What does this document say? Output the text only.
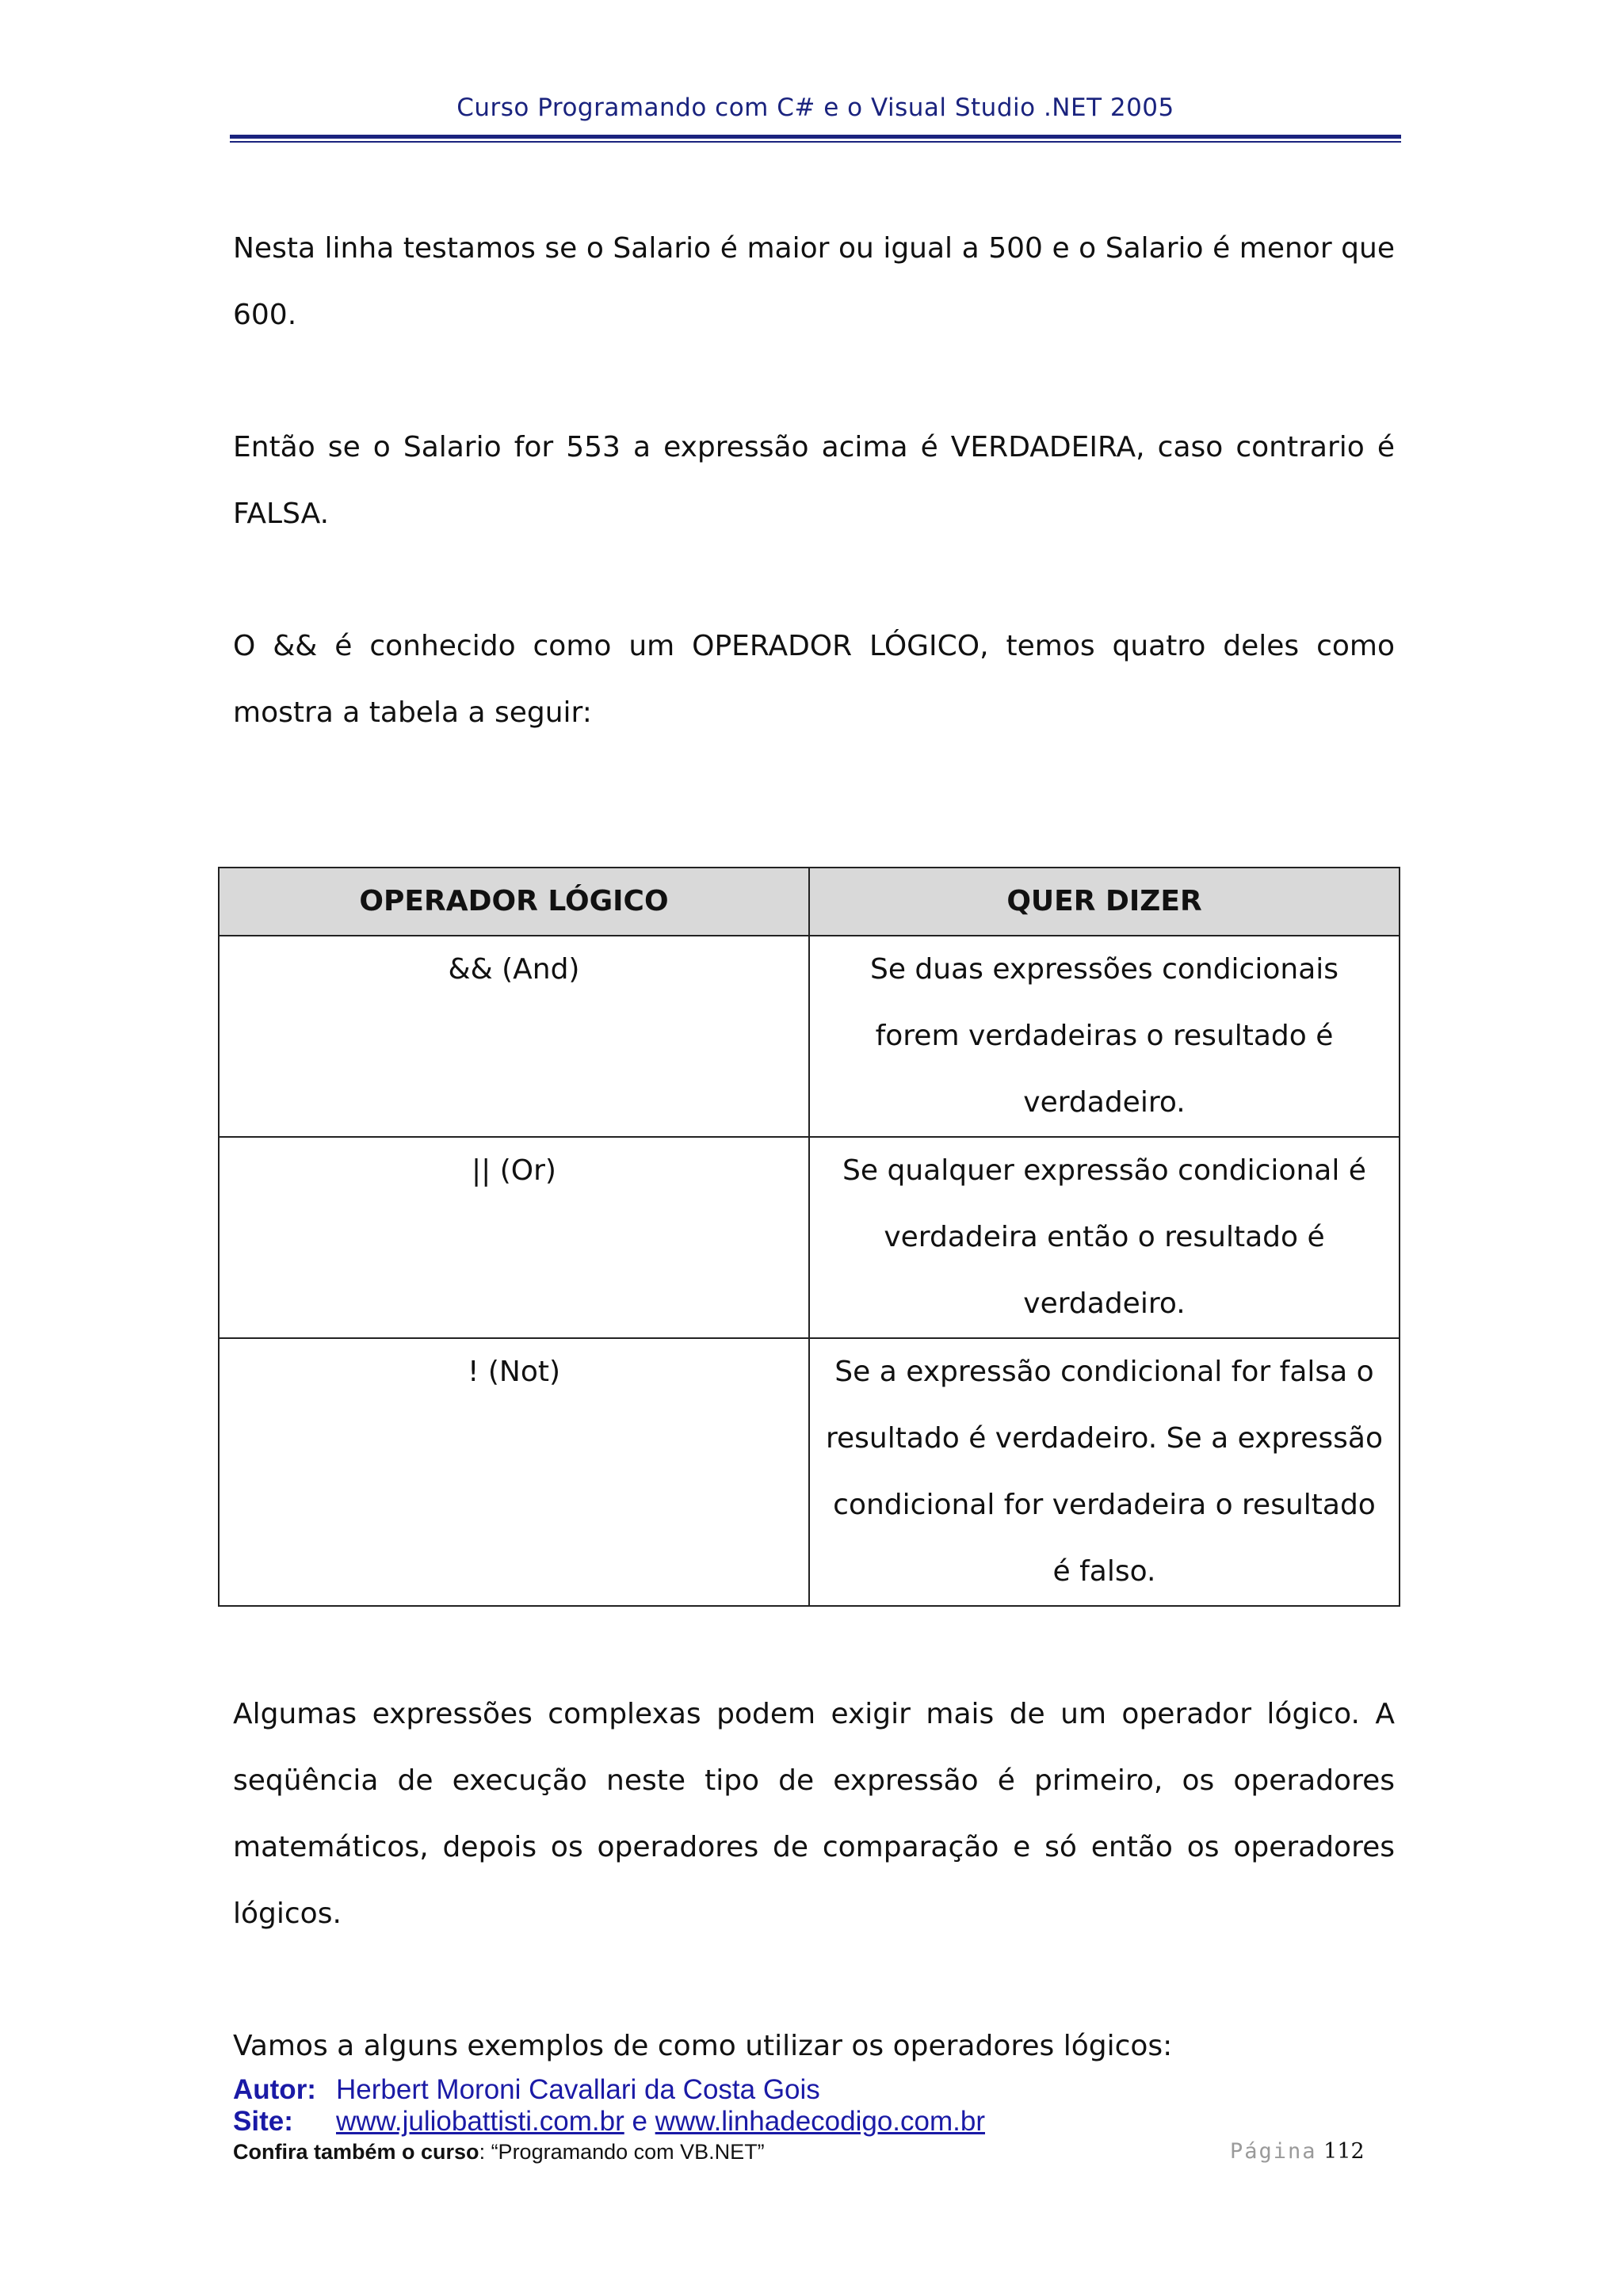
Curso Programando com C# e o Visual Studio .NET 2005

Nesta linha testamos se o Salario é maior ou igual a 500 e o Salario é menor que 600.

Então se o Salario for 553 a expressão acima é VERDADEIRA, caso contrario é FALSA.

O && é conhecido como um OPERADOR LÓGICO, temos quatro deles como mostra a tabela a seguir:

OPERADOR LÓGICO	QUER DIZER
&& (And)	Se duas expressões condicionais forem verdadeiras o resultado é verdadeiro.
|| (Or)	Se qualquer expressão condicional é verdadeira então o resultado é verdadeiro.
! (Not)	Se a expressão condicional for falsa o resultado é verdadeiro. Se a expressão condicional for verdadeira o resultado é falso.

Algumas expressões complexas podem exigir mais de um operador lógico. A seqüência de execução neste tipo de expressão é primeiro, os operadores matemáticos, depois os operadores de comparação e só então os operadores lógicos.

Vamos a alguns exemplos de como utilizar os operadores lógicos:

Autor: Herbert Moroni Cavallari da Costa Gois
Site: www.juliobattisti.com.br e www.linhadecodigo.com.br
Confira também o curso: “Programando com VB.NET”	Página 112
